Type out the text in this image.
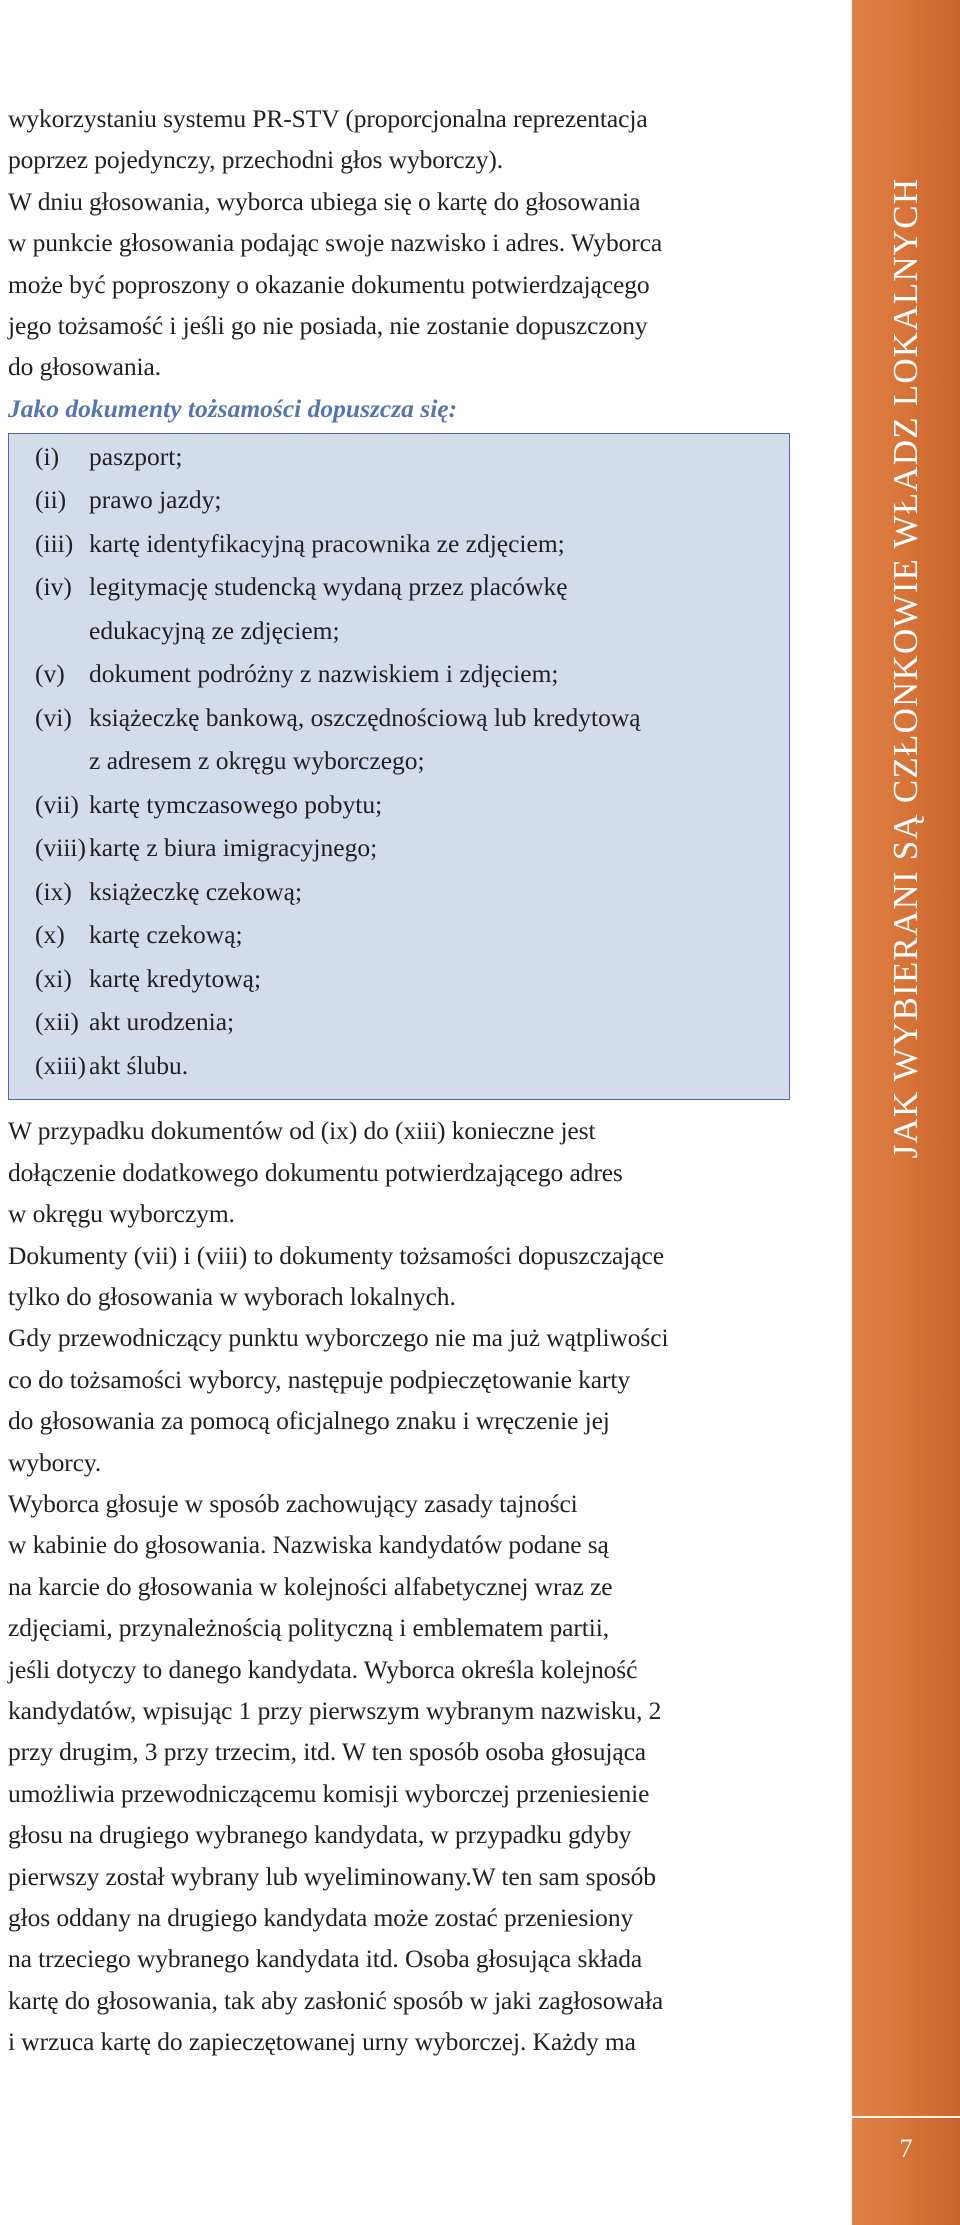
wykorzystaniu systemu PR-STV (proporcjonalna reprezentacja
poprzez pojedynczy, przechodni głos wyborczy).

W dniu głosowania, wyborca ubiega się o kartę do głosowania
w punkcie głosowania podając swoje nazwisko i adres. Wyborca
może być poproszony o okazanie dokumentu potwierdzającego
jego tożsamość i jeśli go nie posiada, nie zostanie dopuszczony
do głosowania.

Jako dokumenty tożsamości dopuszcza się:
(i)	paszport;
(ii) prawo jazdy;
(iii) kartę identyfikacyjną pracownika ze zdjęciem;
(iv) legitymację studencką wydaną przez placówkę
edukacyjną ze zdjęciem;
(v) dokument podróżny z nazwiskiem i zdjęciem;
(vi) książeczkę bankową, oszczędnościową lub kredytową
z adresem z okręgu wyborczego;
(vii) kartę tymczasowego pobytu;
(viii) kartę z biura imigracyjnego;
(ix) książeczkę czekową;
(x) kartę czekową;
(xi) kartę kredytową;
(xii) akt urodzenia;
(xiii) akt ślubu.

W przypadku dokumentów od (ix) do (xiii) konieczne jest
dołączenie dodatkowego dokumentu potwierdzającego adres
w okręgu wyborczym.

Dokumenty (vii) i (viii) to dokumenty tożsamości dopuszczające
tylko do głosowania w wyborach lokalnych.

Gdy przewodniczący punktu wyborczego nie ma już wątpliwości
co do tożsamości wyborcy, następuje podpieczętowanie karty
do głosowania za pomocą oficjalnego znaku i wręczenie jej
wyborcy.

Wyborca głosuje w sposób zachowujący zasady tajności
w kabinie do głosowania. Nazwiska kandydatów podane są
na karcie do głosowania w kolejności alfabetycznej wraz ze
zdjęciami, przynależnością polityczną i emblematem partii,
jeśli dotyczy to danego kandydata. Wyborca określa kolejność
kandydatów, wpisując 1 przy pierwszym wybranym nazwisku, 2
przy drugim, 3 przy trzecim, itd. W ten sposób osoba głosująca
umożliwia przewodniczącemu komisji wyborczej przeniesienie
głosu na drugiego wybranego kandydata, w przypadku gdyby
pierwszy został wybrany lub wyeliminowany.W ten sam sposób
głos oddany na drugiego kandydata może zostać przeniesiony
na trzeciego wybranego kandydata itd. Osoba głosująca składa
kartę do głosowania, tak aby zasłonić sposób w jaki zagłosowała
i wrzuca kartę do zapieczętowanej urny wyborczej. Każdy ma

JAK WYBIERANI SĄ CZŁONKOWIE WŁADZ LOKALNYCH
7
